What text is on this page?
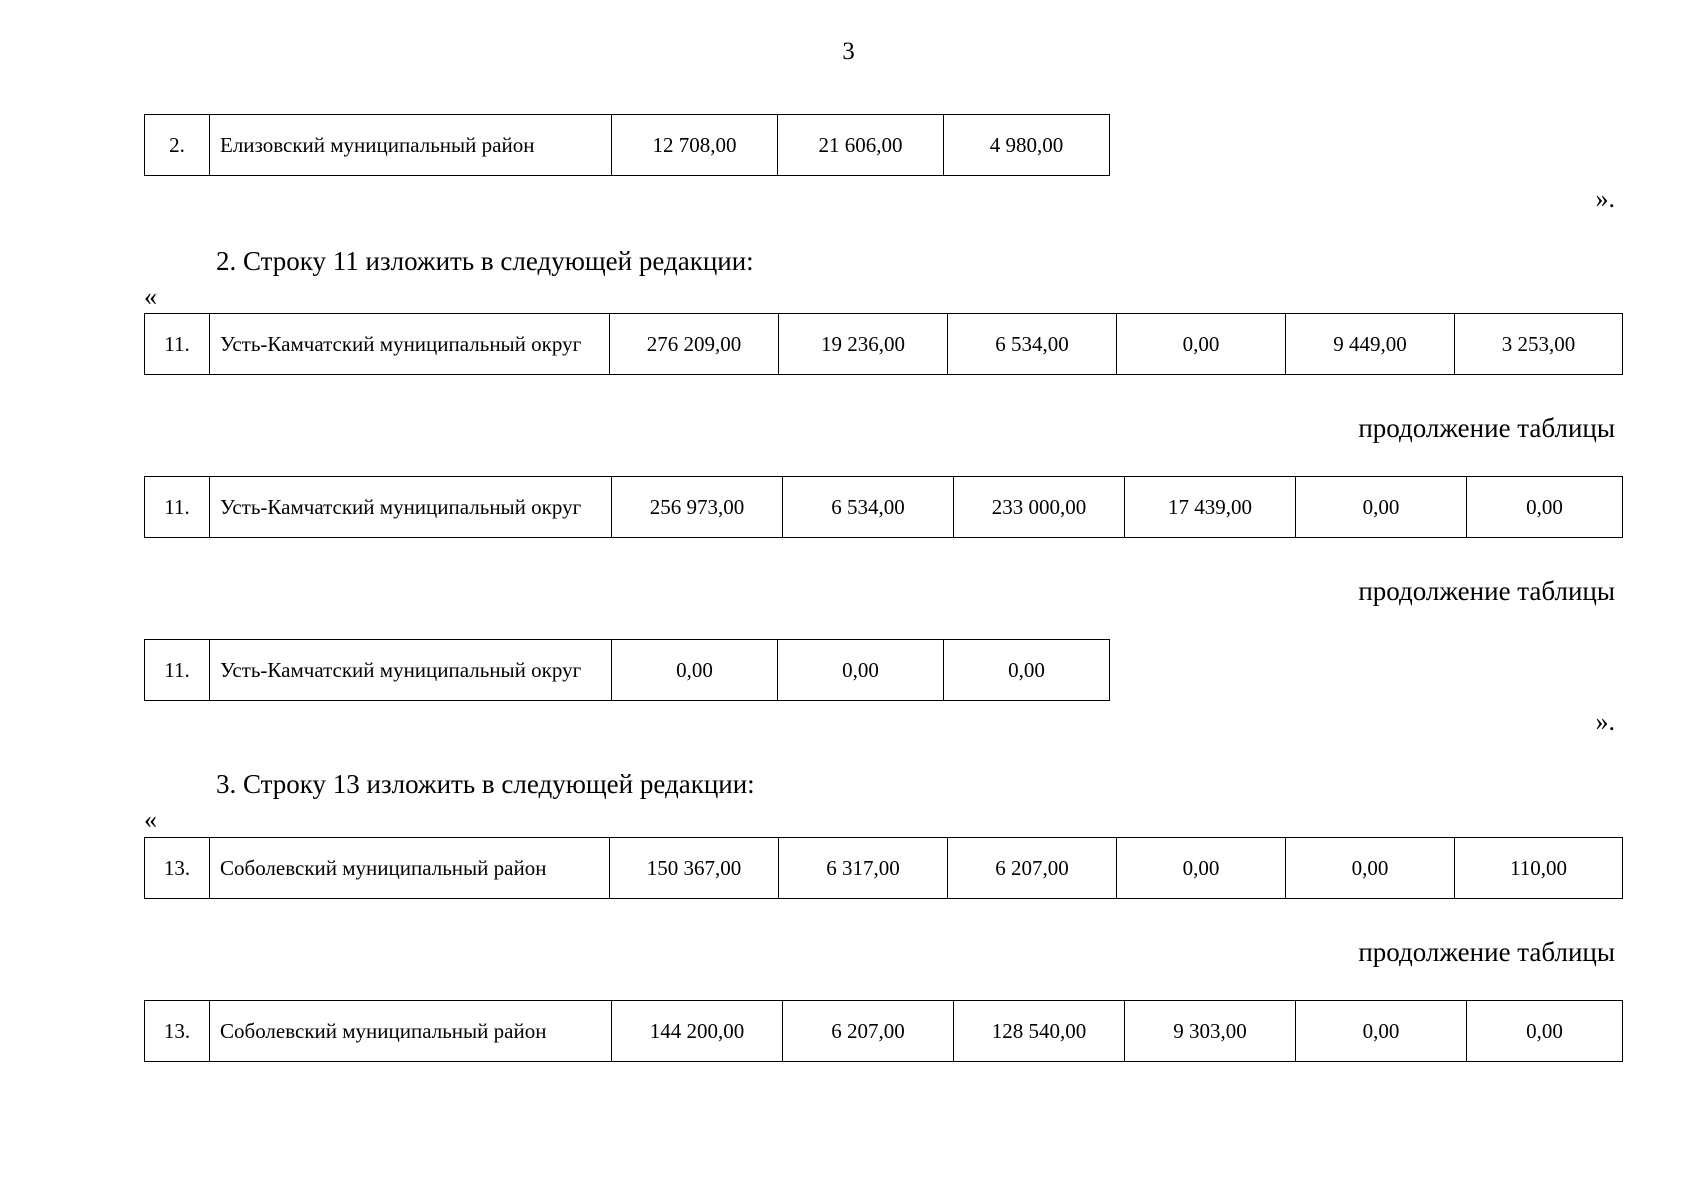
3
2.	Елизовский муниципальный район	12 708,00	21 606,00	4 980,00
».
2. Строку 11 изложить в следующей редакции:
«
11.	Усть-Камчатский муниципальный округ	276 209,00	19 236,00	6 534,00	0,00	9 449,00	3 253,00
продолжение таблицы
11.	Усть-Камчатский муниципальный округ	256 973,00	6 534,00	233 000,00	17 439,00	0,00	0,00
продолжение таблицы
11.	Усть-Камчатский муниципальный округ	0,00	0,00	0,00
».
3. Строку 13 изложить в следующей редакции:
«
13.	Соболевский муниципальный район	150 367,00	6 317,00	6 207,00	0,00	0,00	110,00
продолжение таблицы
13.	Соболевский муниципальный район	144 200,00	6 207,00	128 540,00	9 303,00	0,00	0,00
